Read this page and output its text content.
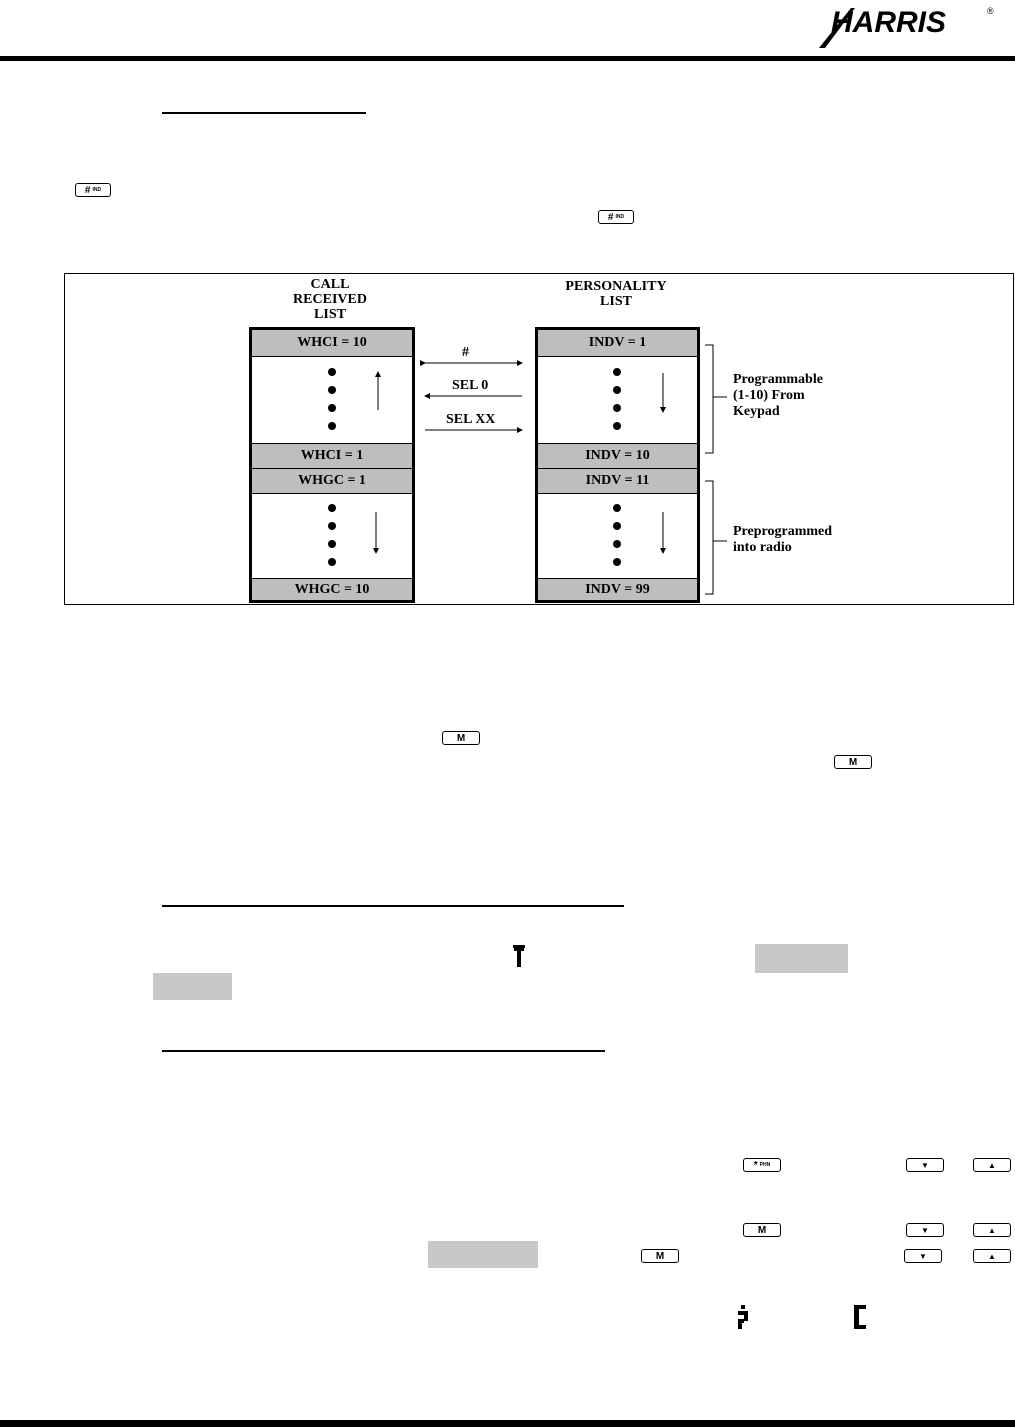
HARRIS	®
# IND
# IND
CALL
RECEIVED
LIST
PERSONALITY
LIST
WHCI = 10
WHCI = 1
WHGC = 1
WHGC = 10
INDV = 1
INDV = 10
INDV = 11
INDV = 99
#
SEL 0
SEL XX
Programmable
(1-10) From
Keypad
Preprogrammed
into radio
M
M
* PHN	▼	▲
M	▼	▲
M	▼	▲
